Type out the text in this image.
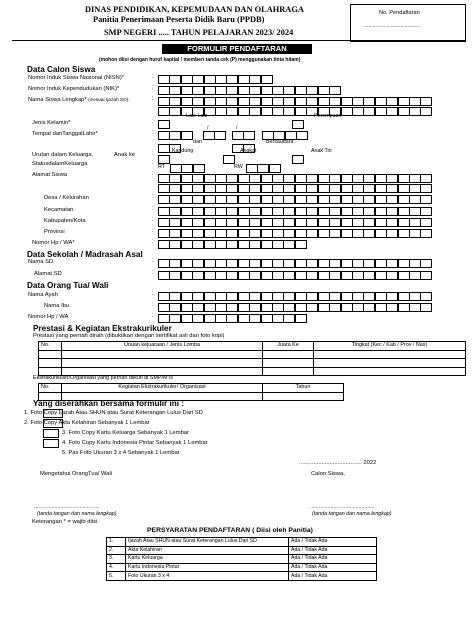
DINAS PENDIDIKAN, KEPEMUDAAN DAN OLAHRAGA
Panitia Penerimaan Peserta Didik Baru (PPDB)
SMP NEGERI ..... TAHUN PELAJARAN 2023/ 2024
No. Pendaftaran
.........................................
FORMULIR PENDAFTARAN
(mohon diisi dengan huruf kapital / memberi tanda cek (P) menggunakan tinta hitam)
Data Calon Siswa
Nomor Induk Siswa Nasional (NISN)*	:
Nomor Induk Kependudukan (NIK)*	:
Nama Siswa Lengkap* (Sesuai Ijazah SD):	:
Jenis Kelamin*	:
Laki-Laki	Perempuan
Tempat danTanggalLahir*	:
/	/
dari	Bersaudara
Urutan dalam Keluarga,	Anak ke	:	Kandung	Angkat	Anak Tiri
StatusdalamKeluarga	:
RT	RW
Alamat Siswa	:
Desa / Kelurahan	:
Kecamatan	:
Kabupaten/Kota	:
Provinsi	:
Nomor Hp / WA*	:
Data Sekolah / Madrasah Asal
Nama SD	:
Alamat SD	:
Data Orang Tua/ Wali
Nama Ayah	:
Nama Ibu	:
Nomor Hp / WA	:
Prestasi & Kegiatan Ekstrakurikuler
Prestasi yang pernah diraih (dibuktikan dengan sertifikat asli dan foto kopi)
No.	Uraian kejuaraan / Jenis Lomba	Juara Ke	Tingkat (Kec / Kab / Prov / Nas)

Ekstrakurikuler/Organisasi yang pernah diikuti di SMP/MTs
No.	Kegiatan Ekstrakurikuler/ Organisasi	Tahun

Yang diserahkan bersama formulir ini :
1. Foto Copy Ijazah Atau SHUN atau Surat Keterangan Lulus Dari SD
2. Foto Copy Akta Kelahiran Sebanyak 1 Lembar
3. Foto Copy Kartu Keluarga Sebanyak 1 Lembar
4. Foto Copy Kartu Indonesia Pintar Sebanyak 1 Lembar
5. Pas Foto Ukuran 3 x 4 Sebanyak 1 Lembar
....................................... 2022
Mengetahui OrangTua/ Wali	Calon Siswa,
............................................	............................................
(tanda tangan dan nama lengkap)	(tanda tangan dan nama lengkap)
Keterangan * = wajib diisi
PERSYARATAN PENDAFTARAN ( Diisi oleh Panitia)
1.	Ijazah Atau SHUN atau Surat Keterangan Lulus Dari SD	Ada / Tidak Ada
2.	Akta Kelahiran	Ada / Tidak Ada
3.	Kartu Keluarga	Ada / Tidak Ada
4.	Kartu Indonesia Pintar	Ada / Tidak Ada
5.	Foto Ukuran 3 x 4	Ada / Tidak Ada
